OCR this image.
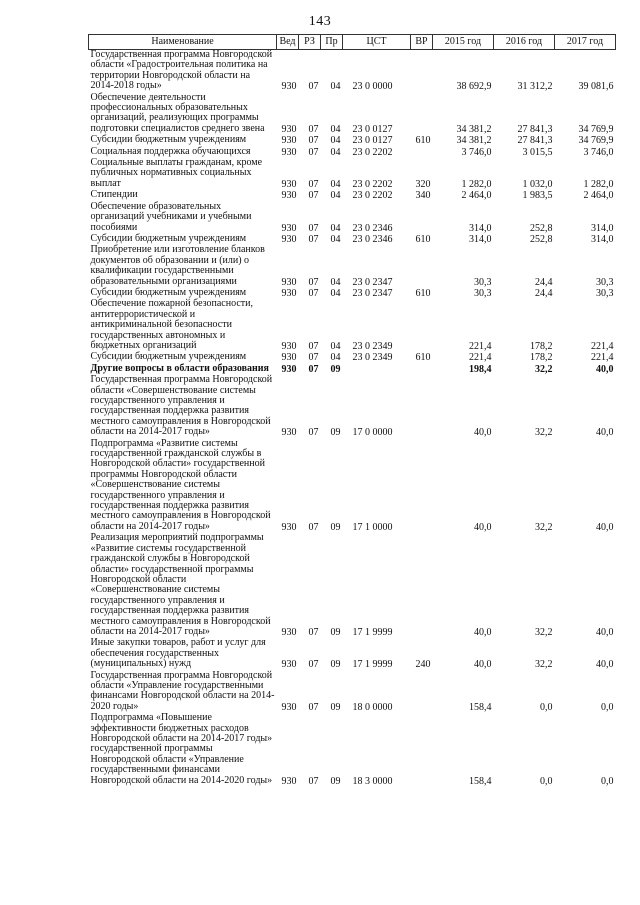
143
Наименование	Вед	РЗ	Пр	ЦСТ	ВР	2015 год	2016 год	2017 год
Государственная программа Новгородской области «Градостроительная политика на территории Новгородской области на 2014-2018 годы»	930	07	04	23 0 0000		38 692,9	31 312,2	39 081,6
Обеспечение деятельности профессиональных образовательных организаций, реализующих программы подготовки специалистов среднего звена	930	07	04	23 0 0127		34 381,2	27 841,3	34 769,9
Субсидии бюджетным учреждениям	930	07	04	23 0 0127	610	34 381,2	27 841,3	34 769,9
Социальная поддержка обучающихся	930	07	04	23 0 2202		3 746,0	3 015,5	3 746,0
Социальные выплаты гражданам, кроме публичных нормативных социальных выплат	930	07	04	23 0 2202	320	1 282,0	1 032,0	1 282,0
Стипендии	930	07	04	23 0 2202	340	2 464,0	1 983,5	2 464,0
Обеспечение образовательных организаций учебниками и учебными пособиями	930	07	04	23 0 2346		314,0	252,8	314,0
Субсидии бюджетным учреждениям	930	07	04	23 0 2346	610	314,0	252,8	314,0
Приобретение или изготовление бланков документов об образовании и (или) о квалификации государственными образовательными организациями	930	07	04	23 0 2347		30,3	24,4	30,3
Субсидии бюджетным учреждениям	930	07	04	23 0 2347	610	30,3	24,4	30,3
Обеспечение пожарной безопасности, антитеррористической и антикриминальной безопасности государственных автономных и бюджетных организаций	930	07	04	23 0 2349		221,4	178,2	221,4
Субсидии бюджетным учреждениям	930	07	04	23 0 2349	610	221,4	178,2	221,4
Другие вопросы в области образования	930	07	09			198,4	32,2	40,0
Государственная программа Новгородской области «Совершенствование системы государственного управления и государственная поддержка развития местного самоуправления в Новгородской области на 2014-2017 годы»	930	07	09	17 0 0000		40,0	32,2	40,0
Подпрограмма «Развитие системы государственной гражданской службы в Новгородской области» государственной программы Новгородской области «Совершенствование системы государственного управления и государственная поддержка развития местного самоуправления в Новгородской области на 2014-2017 годы»	930	07	09	17 1 0000		40,0	32,2	40,0
Реализация мероприятий подпрограммы «Развитие системы государственной гражданской службы в Новгородской области» государственной программы Новгородской области «Совершенствование системы государственного управления и государственная поддержка развития местного самоуправления в Новгородской области на 2014-2017 годы»	930	07	09	17 1 9999		40,0	32,2	40,0
Иные закупки товаров, работ и услуг для обеспечения государственных (муниципальных) нужд	930	07	09	17 1 9999	240	40,0	32,2	40,0
Государственная программа Новгородской области «Управление государственными финансами Новгородской области на 2014-2020 годы»	930	07	09	18 0 0000		158,4	0,0	0,0
Подпрограмма «Повышение эффективности бюджетных расходов Новгородской области на 2014-2017 годы» государственной программы Новгородской области «Управление государственными финансами Новгородской области на 2014-2020 годы»	930	07	09	18 3 0000		158,4	0,0	0,0
